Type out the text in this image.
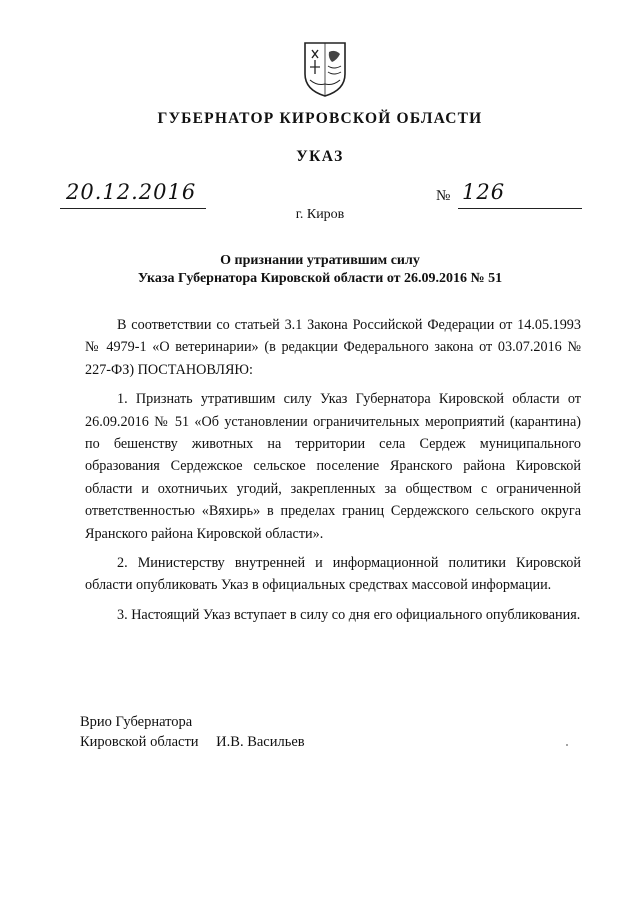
ГУБЕРНАТОР КИРОВСКОЙ ОБЛАСТИ
УКАЗ
20.12.2016	№ 126
г. Киров
О признании утратившим силу
Указа Губернатора Кировской области от 26.09.2016 № 51

В соответствии со статьей 3.1 Закона Российской Федерации от 14.05.1993 № 4979-1 «О ветеринарии» (в редакции Федерального закона от 03.07.2016 № 227-ФЗ) ПОСТАНОВЛЯЮ:

1. Признать утратившим силу Указ Губернатора Кировской области от 26.09.2016 № 51 «Об установлении ограничительных мероприятий (карантина) по бешенству животных на территории села Сердеж муниципального образования Сердежское сельское поселение Яранского района Кировской области и охотничьих угодий, закрепленных за обществом с ограниченной ответственностью «Вяхирь» в пределах границ Сердежского сельского округа Яранского района Кировской области».

2. Министерству внутренней и информационной политики Кировской области опубликовать Указ в официальных средствах массовой информации.

3. Настоящий Указ вступает в силу со дня его официального опубликования.

Врио Губернатора
Кировской области И.В. Васильев
